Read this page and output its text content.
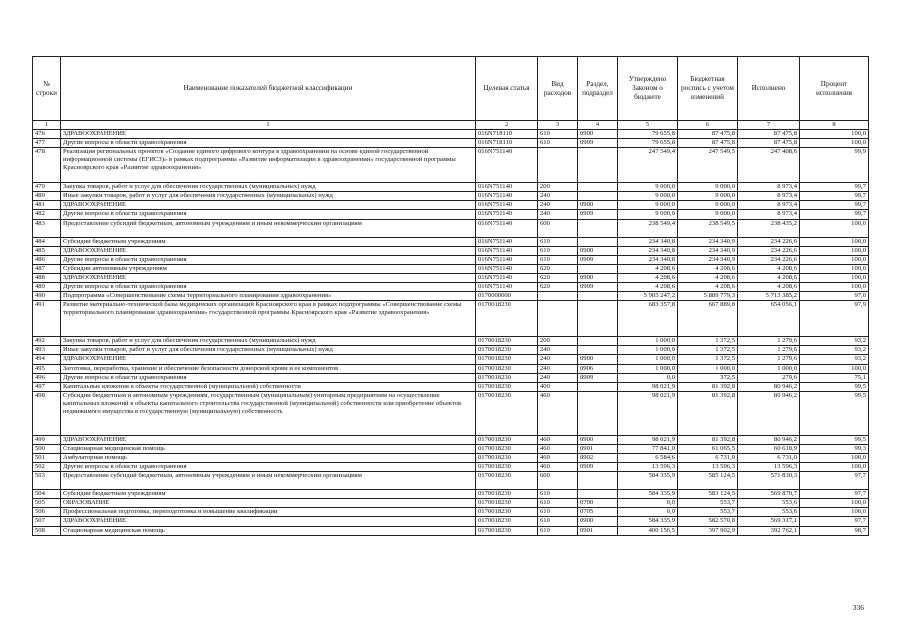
№ строки	Наименование показателей бюджетной классификации	Целевая статья	Вид расходов	Раздел, подраздел	Утверждено Законом о бюджете	Бюджетная роспись с учетом изменений	Исполнено	Процент исполнения
1	1	2	3	4	5	6	7	8
476	ЗДРАВООХРАНЕНИЕ	016N718110	610	0900	79 655,8	87 475,8	87 475,8	100,0
477	Другие вопросы в области здравоохранения	016N718110	610	0909	79 655,8	87 475,8	87 475,8	100,0
478	Реализация региональных проектов «Создание единого цифрового контура в здравоохранении на основе единой государственной информационной системы (ЕГИСЗ)» в рамках подпрограммы «Развитие информатизации в здравоохранении» государственной программы Красноярского края «Развитие здравоохранения»	016N751140			247 549,4	247 549,5	247 408,6	99,9
479	Закупка товаров, работ и услуг для обеспечения государственных (муниципальных) нужд	016N751140	200		9 000,0	9 000,0	8 973,4	99,7
480	Иные закупки товаров, работ и услуг для обеспечения государственных (муниципальных) нужд	016N751140	240		9 000,0	9 000,0	8 973,4	99,7
481	ЗДРАВООХРАНЕНИЕ	016N751140	240	0900	9 000,0	9 000,0	8 973,4	99,7
482	Другие вопросы в области здравоохранения	016N751140	240	0909	9 000,0	9 000,0	8 973,4	99,7
483	Предоставление субсидий бюджетным, автономным учреждениям и иным некоммерческим организациям	016N751140	600		238 549,4	238 549,5	238 435,2	100,0
484	Субсидии бюджетным учреждениям	016N751140	610		234 340,8	234 340,9	234 226,6	100,0
485	ЗДРАВООХРАНЕНИЕ	016N751140	610	0900	234 340,8	234 340,9	234 226,6	100,0
486	Другие вопросы в области здравоохранения	016N751140	610	0909	234 340,8	234 340,9	234 226,6	100,0
487	Субсидии автономным учреждениям	016N751140	620		4 208,6	4 208,6	4 208,6	100,0
488	ЗДРАВООХРАНЕНИЕ	016N751140	620	0900	4 208,6	4 208,6	4 208,6	100,0
489	Другие вопросы в области здравоохранения	016N751140	620	0909	4 208,6	4 208,6	4 208,6	100,0
490	Подпрограмма «Совершенствование схемы территориального планирования здравоохранения»	0170000000			5 905 247,2	5 889 779,3	5 713 385,2	97,0
491	Развитие материально-технической базы медицинских организаций Красноярского края в рамках подпрограммы «Совершенствование схемы территориального планирования здравоохранения» государственной программы Красноярского края «Развитие здравоохранения»	0170018230			683 357,8	667 889,8	654 056,1	97,9
492	Закупка товаров, работ и услуг для обеспечения государственных (муниципальных) нужд	0170018230	200		1 000,0	1 372,5	1 279,6	93,2
493	Иные закупки товаров, работ и услуг для обеспечения государственных (муниципальных) нужд	0170018230	240		1 000,0	1 372,5	1 279,6	93,2
494	ЗДРАВООХРАНЕНИЕ	0170018230	240	0900	1 000,0	1 372,5	1 279,6	93,2
495	Заготовка, переработка, хранение и обеспечение безопасности донорской крови и ее компонентов	0170018230	240	0906	1 000,0	1 000,0	1 000,0	100,0
496	Другие вопросы в области здравоохранения	0170018230	240	0909	0,0	372,5	279,6	75,1
497	Капитальные вложения в объекты государственной (муниципальной) собственности	0170018230	400		98 021,9	81 392,8	80 946,2	99,5
498	Субсидии бюджетным и автономным учреждениям, государственным (муниципальным) унитарным предприятиям на осуществление капитальных вложений в объекты капитального строительства государственной (муниципальной) собственности или приобретение объектов недвижимого имущества в государственную (муниципальную) собственность	0170018230	460		98 021,9	81 392,8	80 946,2	99,5
499	ЗДРАВООХРАНЕНИЕ	0170018230	460	0900	98 021,9	81 392,8	80 946,2	99,5
500	Стационарная медицинская помощь	0170018230	460	0901	77 841,0	61 065,5	60 618,9	99,3
501	Амбулаторная помощь	0170018230	460	0902	6 584,6	6 731,0	6 731,0	100,0
502	Другие вопросы в области здравоохранения	0170018230	460	0909	13 596,3	13 596,3	13 596,3	100,0
503	Предоставление субсидий бюджетным, автономным учреждениям и иным некоммерческим организациям	0170018230	600		584 335,9	585 124,5	571 830,3	97,7
504	Субсидии бюджетным учреждениям	0170018230	610		584 335,9	583 124,5	569 870,7	97,7
505	ОБРАЗОВАНИЕ	0170018230	610	0700	0,0	553,7	553,6	100,0
506	Профессиональная подготовка, переподготовка и повышение квалификации	0170018230	610	0705	0,0	553,7	553,6	100,0
507	ЗДРАВООХРАНЕНИЕ	0170018230	610	0900	584 335,9	582 570,8	569 317,1	97,7
508	Стационарная медицинская помощь	0170018230	610	0901	400 156,5	397 902,9	392 762,1	98,7
336
